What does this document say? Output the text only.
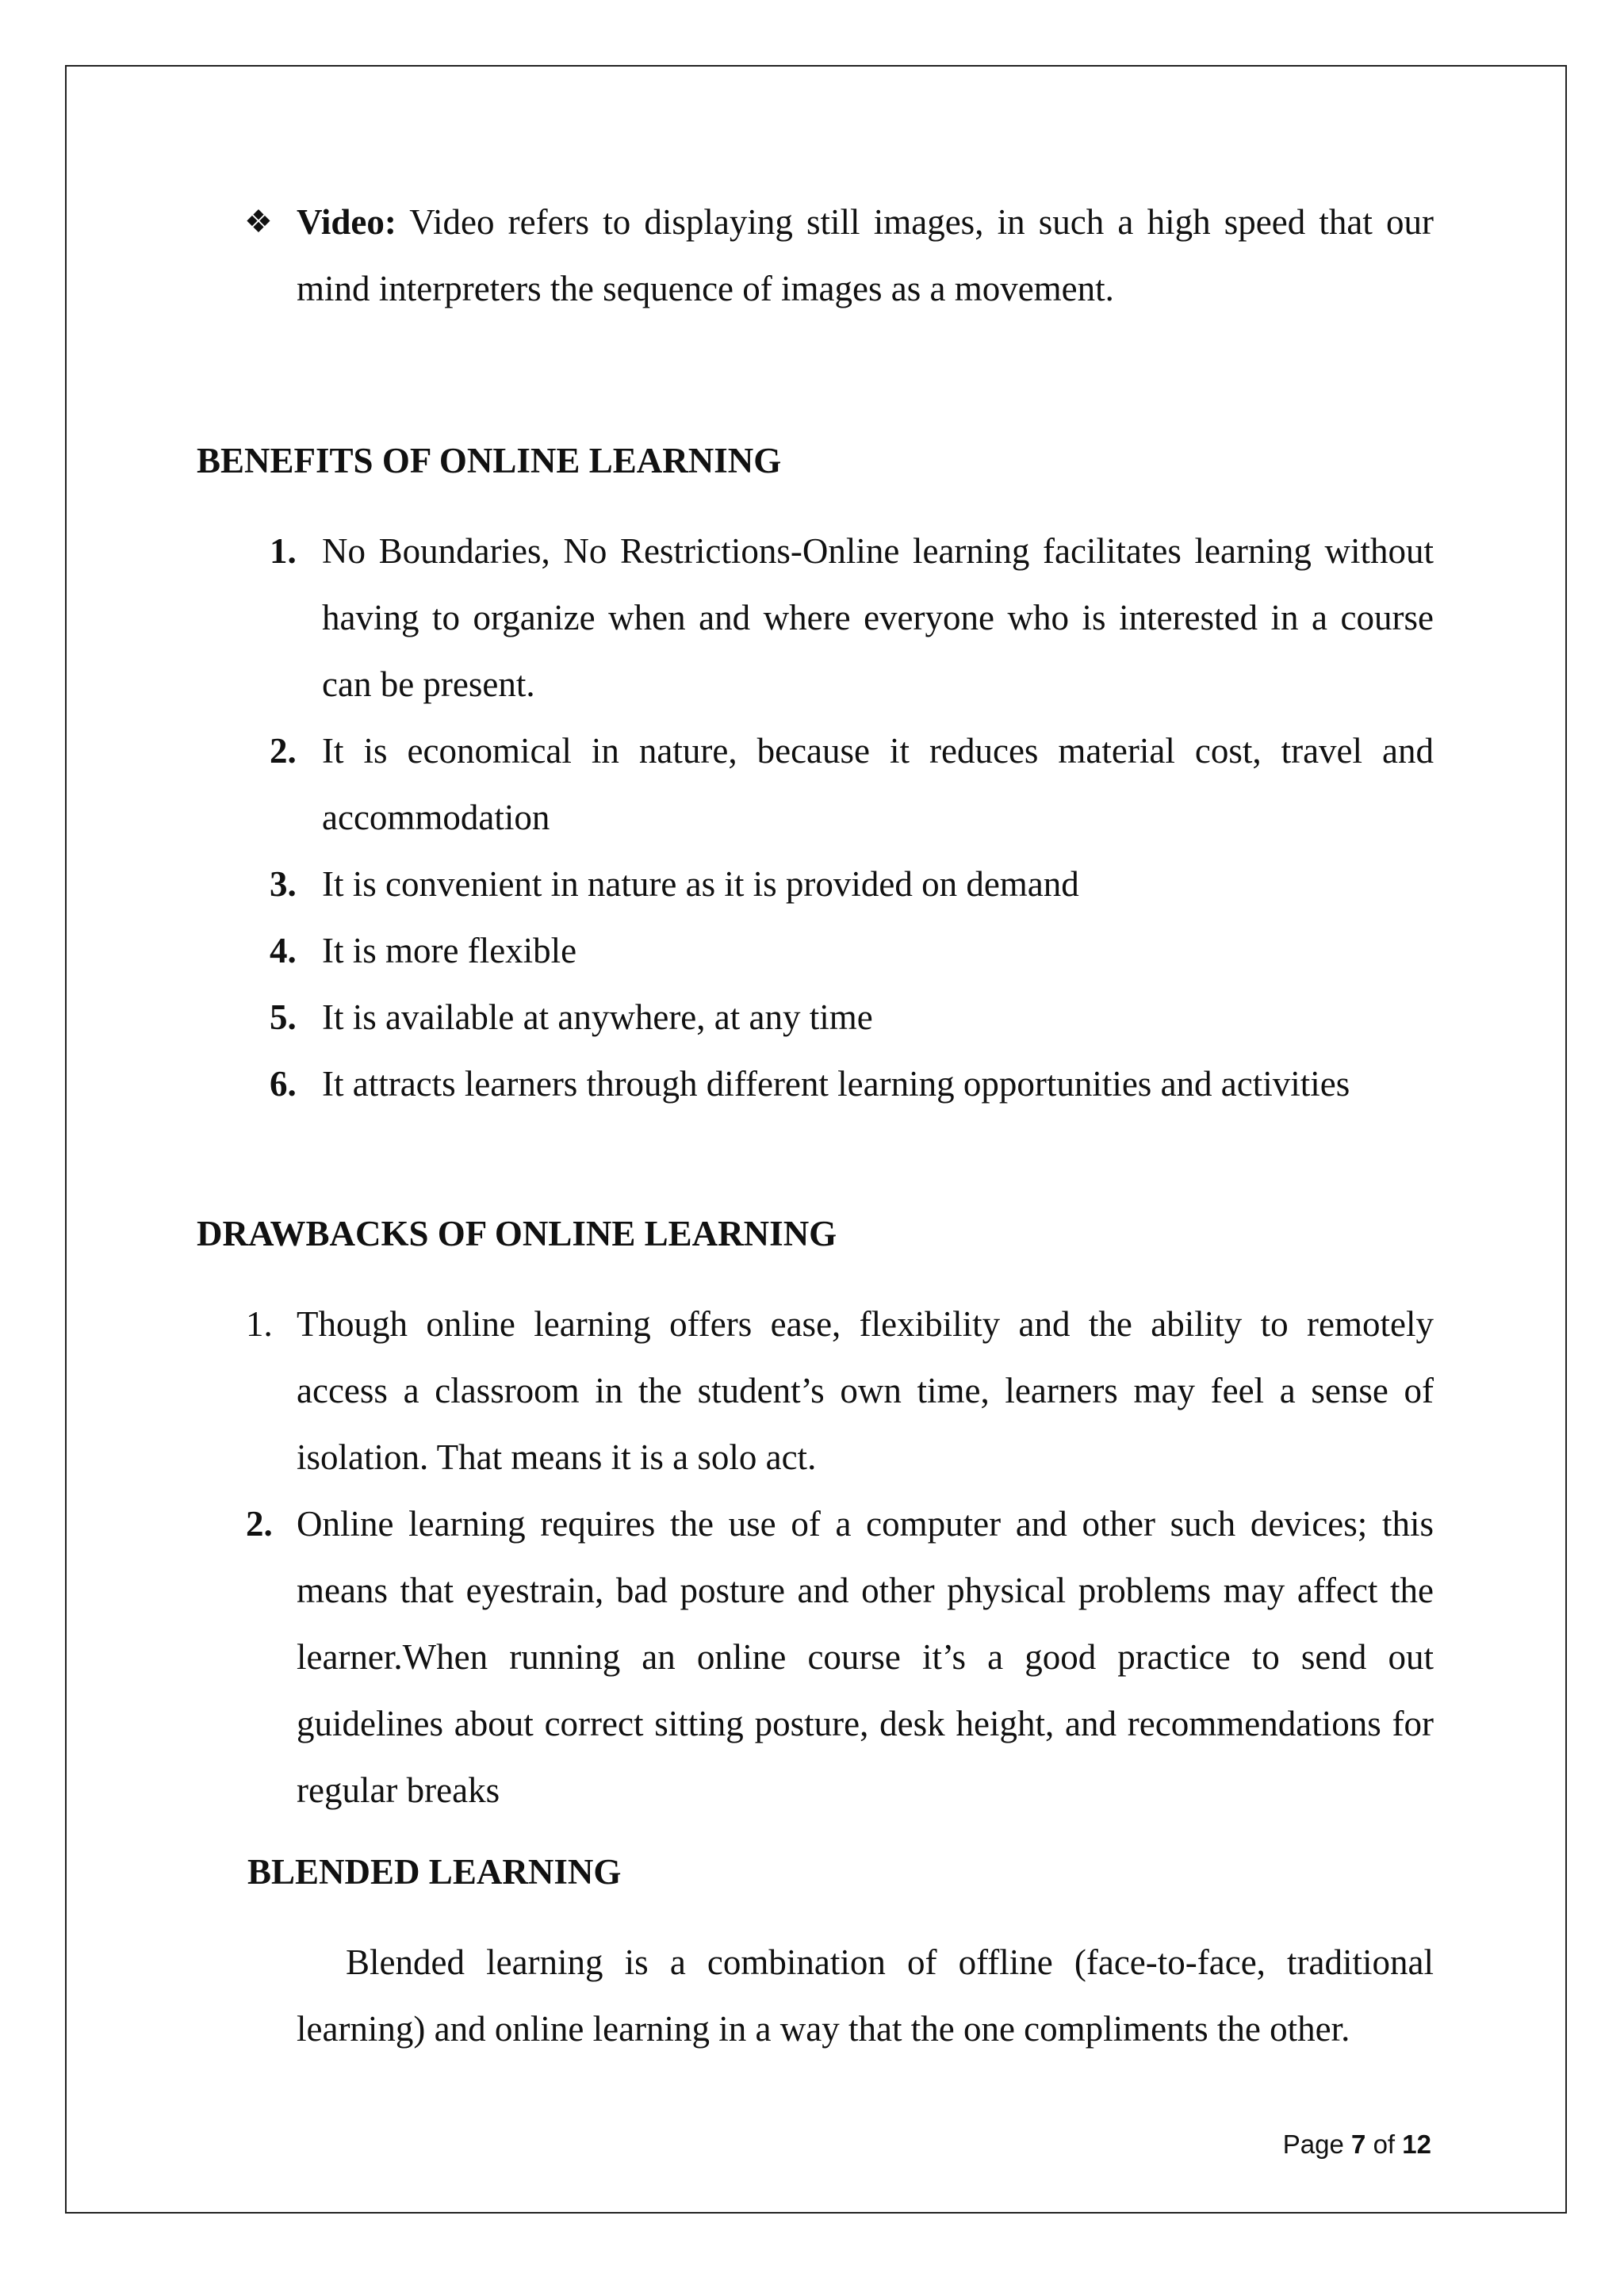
❖ Video: Video refers to displaying still images, in such a high speed that our mind interpreters the sequence of images as a movement.

BENEFITS OF ONLINE LEARNING

1. No Boundaries, No Restrictions-Online learning facilitates learning without having to organize when and where everyone who is interested in a course can be present.

2. It is economical in nature, because it reduces material cost, travel and accommodation

3. It is convenient in nature as it is provided on demand

4. It is more flexible

5. It is available at anywhere, at any time

6. It attracts learners through different learning opportunities and activities

DRAWBACKS OF ONLINE LEARNING

1. Though online learning offers ease, flexibility and the ability to remotely access a classroom in the student’s own time, learners may feel a sense of isolation. That means it is a solo act.

2. Online learning requires the use of a computer and other such devices; this means that eyestrain, bad posture and other physical problems may affect the learner.When running an online course it’s a good practice to send out guidelines about correct sitting posture, desk height, and recommendations for regular breaks

BLENDED LEARNING

Blended learning is a combination of offline (face-to-face, traditional learning) and online learning in a way that the one compliments the other.

Page 7 of 12
